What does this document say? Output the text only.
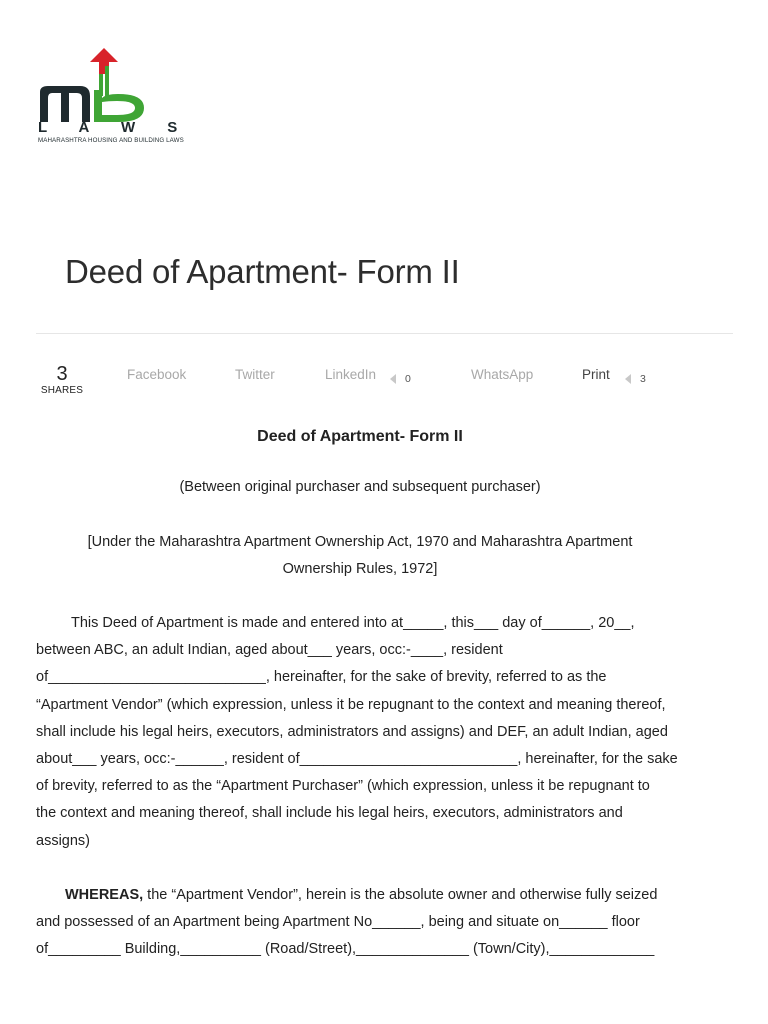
L A W S
MAHARASHTRA HOUSING AND BUILDING LAWS
Deed of Apartment- Form II
3
SHARES
Facebook	Twitter	LinkedIn	0	WhatsApp	Print	3
Deed of Apartment- Form II

(Between original purchaser and subsequent purchaser)

[Under the Maharashtra Apartment Ownership Act, 1970 and Maharashtra Apartment
Ownership Rules, 1972]

This Deed of Apartment is made and entered into at_____, this___ day of______, 20__,
between ABC, an adult Indian, aged about___ years, occ:-____, resident
of___________________________, hereinafter, for the sake of brevity, referred to as the
“Apartment Vendor” (which expression, unless it be repugnant to the context and meaning thereof,
shall include his legal heirs, executors, administrators and assigns) and DEF, an adult Indian, aged
about___ years, occ:-______, resident of___________________________, hereinafter, for the sake
of brevity, referred to as the “Apartment Purchaser” (which expression, unless it be repugnant to
the context and meaning thereof, shall include his legal heirs, executors, administrators and
assigns)

WHEREAS, the “Apartment Vendor”, herein is the absolute owner and otherwise fully seized
and possessed of an Apartment being Apartment No______, being and situate on______ floor
of_________ Building,__________ (Road/Street),______________ (Town/City),_____________
